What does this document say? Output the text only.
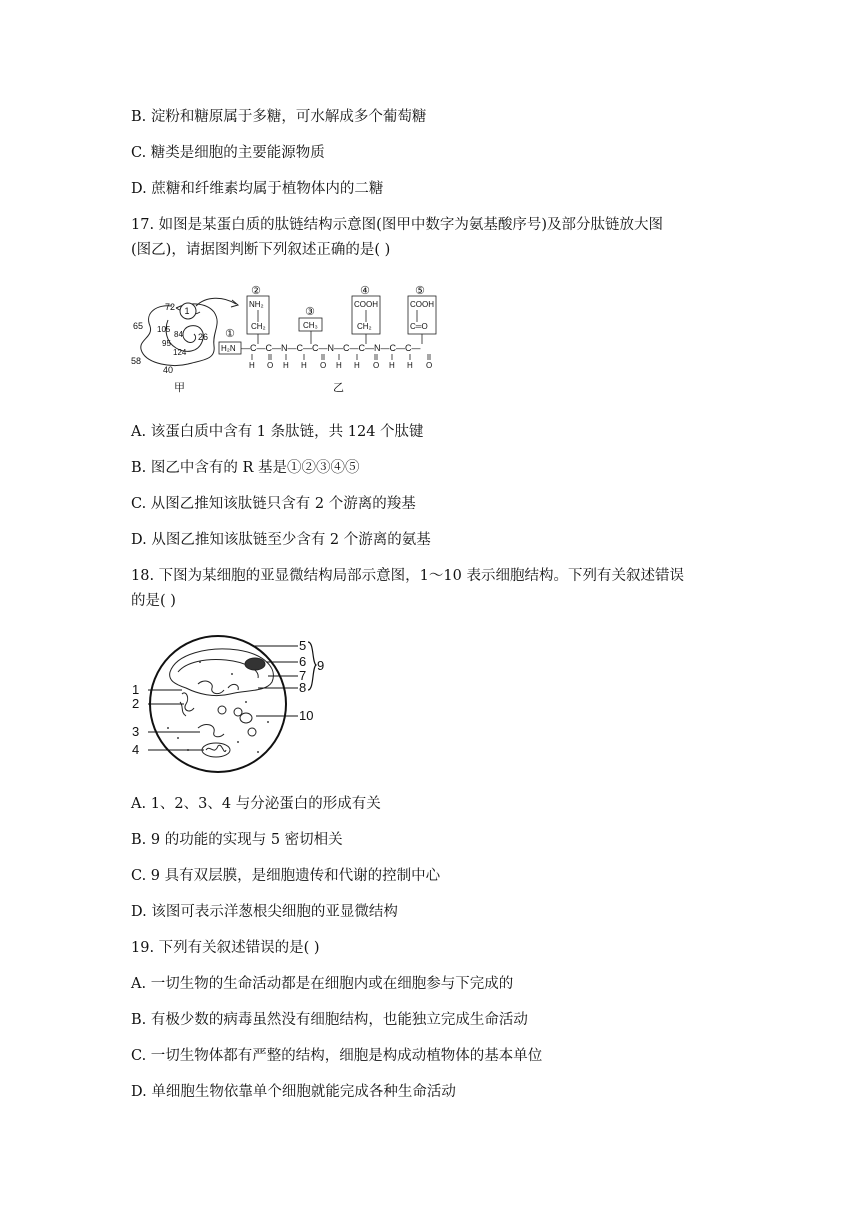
B. 淀粉和糖原属于多糖，可水解成多个葡萄糖
C. 糖类是细胞的主要能源物质
D. 蔗糖和纤维素均属于植物体内的二糖
17. 如图是某蛋白质的肽链结构示意图(图甲中数字为氨基酸序号)及部分肽链放大图
(图乙)，请据图判断下列叙述正确的是( )
72 1
65 105
84 26
95
124
58
40
甲
①
H₂N
②
NH₂
CH₂
③
CH₃
④
COOH
CH₂
⑤
COOH
C═O
—C—C—N—C—C—N—C—C—N—C—C—
H O H H O H H O H H O
乙
A. 该蛋白质中含有 1 条肽链，共 124 个肽键
B. 图乙中含有的 R 基是①②③④⑤
C. 从图乙推知该肽链只含有 2 个游离的羧基
D. 从图乙推知该肽链至少含有 2 个游离的氨基
18. 下图为某细胞的亚显微结构局部示意图，1～10 表示细胞结构。下列有关叙述错误
的是( )
1
2
3
4
5
6
7
8
9
10
A. 1、2、3、4 与分泌蛋白的形成有关
B. 9 的功能的实现与 5 密切相关
C. 9 具有双层膜，是细胞遗传和代谢的控制中心
D. 该图可表示洋葱根尖细胞的亚显微结构
19. 下列有关叙述错误的是( )
A. 一切生物的生命活动都是在细胞内或在细胞参与下完成的
B. 有极少数的病毒虽然没有细胞结构，也能独立完成生命活动
C. 一切生物体都有严整的结构，细胞是构成动植物体的基本单位
D. 单细胞生物依靠单个细胞就能完成各种生命活动
